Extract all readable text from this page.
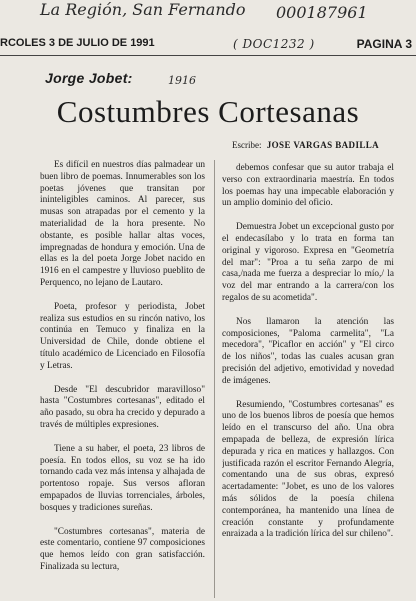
La Región, San Fernando 000187961
RCOLES 3 DE JULIO DE 1991	PAGINA 3
( DOC1232 )
Jorge Jobet:	1916
Costumbres Cortesanas
Escribe: JOSE VARGAS BADILLA

Es difícil en nuestros días palmadear un buen libro de poemas. Innumerables son los poetas jóvenes que transitan por ininteligibles caminos. Al parecer, sus musas son atrapadas por el cemento y la materialidad de la hora presente. No obstante, es posible hallar altas voces, impregnadas de hondura y emoción. Una de ellas es la del poeta Jorge Jobet nacido en 1916 en el campestre y lluvioso pueblito de Perquenco, no lejano de Lautaro.

Poeta, profesor y periodista, Jobet realiza sus estudios en su rincón nativo, los continúa en Temuco y finaliza en la Universidad de Chile, donde obtiene el título académico de Licenciado en Filosofía y Letras.

Desde "El descubridor maravilloso" hasta "Costumbres cortesanas", editado el año pasado, su obra ha crecido y depurado a través de múltiples expresiones.

Tiene a su haber, el poeta, 23 libros de poesía. En todos ellos, su voz se ha ido tornando cada vez más intensa y alhajada de portentoso ropaje. Sus versos afloran empapados de lluvias torrenciales, árboles, bosques y tradiciones sureñas.

"Costumbres cortesanas", materia de este comentario, contiene 97 composiciones que hemos leído con gran satisfacción. Finalizada su lectura,

debemos confesar que su autor trabaja el verso con extraordinaria maestría. En todos los poemas hay una impecable elaboración y un amplio dominio del oficio.

Demuestra Jobet un excepcional gusto por el endecasílabo y lo trata en forma tan original y vigoroso. Expresa en "Geometría del mar": "Proa a tu seña zarpo de mi casa,/nada me fuerza a despreciar lo mío,/ la voz del mar entrando a la carrera/con los regalos de su acometida".

Nos llamaron la atención las composiciones, "Paloma carmelita", "La mecedora", "Picaflor en acción" y "El circo de los niños", todas las cuales acusan gran precisión del adjetivo, emotividad y novedad de imágenes.

Resumiendo, "Costumbres cortesanas" es uno de los buenos libros de poesía que hemos leído en el transcurso del año. Una obra empapada de belleza, de expresión lírica depurada y rica en matices y hallazgos. Con justificada razón el escritor Fernando Alegría, comentando una de sus obras, expresó acertadamente: "Jobet, es uno de los valores más sólidos de la poesía chilena contemporánea, ha mantenido una línea de creación constante y profundamente enraizada a la tradición lírica del sur chileno".
